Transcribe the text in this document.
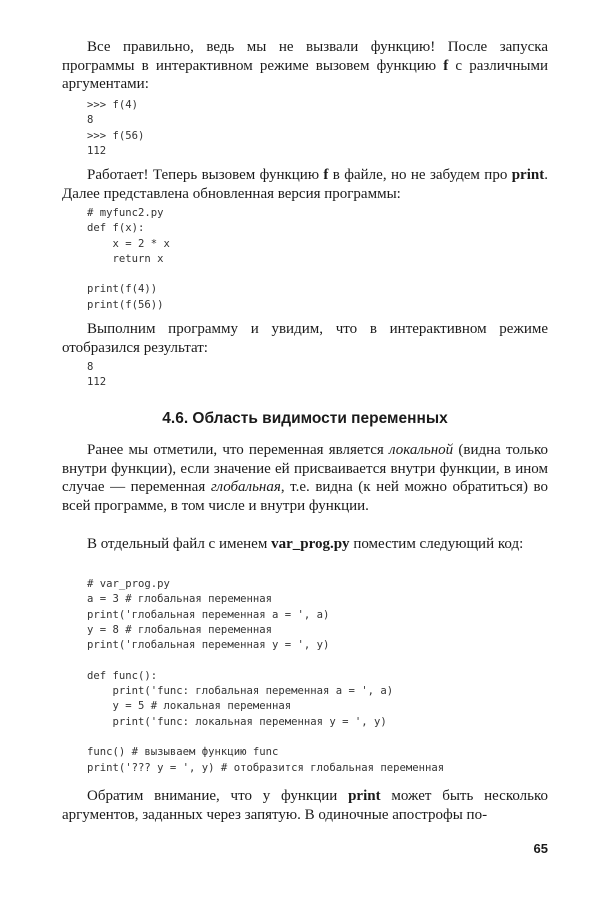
Все правильно, ведь мы не вызвали функцию! После запуска программы в интерактивном режиме вызовем функцию f с различными аргументами:

>>> f(4)
8
>>> f(56)
112

Работает! Теперь вызовем функцию f в файле, но не забудем про print. Далее представлена обновленная версия программы:

# myfunc2.py
def f(x):
x = 2 * x
return x

print(f(4))
print(f(56))

Выполним программу и увидим, что в интерактивном режиме отобразился результат:

8
112
4.6. Область видимости переменных

Ранее мы отметили, что переменная является локальной (видна только внутри функции), если значение ей присваивается внутри функции, в ином случае — переменная глобальная, т.е. видна (к ней можно обратиться) во всей программе, в том числе и внутри функции.

В отдельный файл с именем var_prog.py поместим следующий код:

# var_prog.py
a = 3 # глобальная переменная
print('глобальная переменная a = ', a)
y = 8 # глобальная переменная
print('глобальная переменная y = ', y)

def func():
print('func: глобальная переменная a = ', a)
y = 5 # локальная переменная
print('func: локальная переменная y = ', y)

func() # вызываем функцию func
print('??? y = ', y) # отобразится глобальная переменная

Обратим внимание, что у функции print может быть несколько аргументов, заданных через запятую. В одиночные апострофы по-

65
